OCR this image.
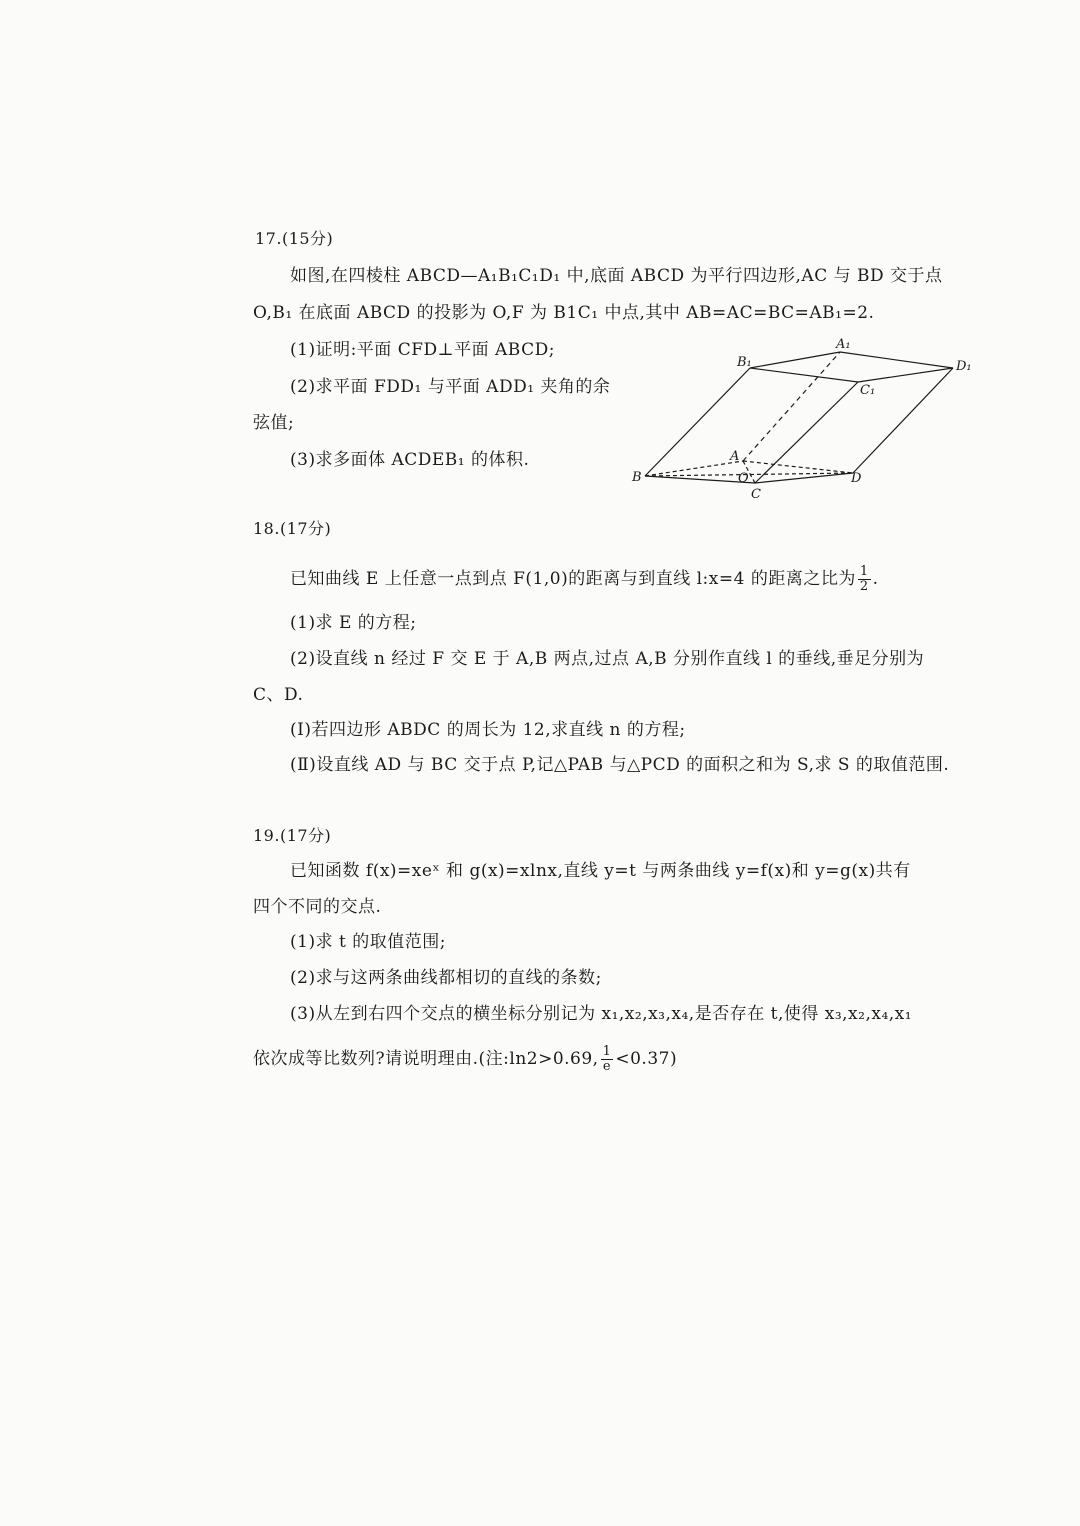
17.(15分)
如图,在四棱柱 ABCD—A₁B₁C₁D₁ 中,底面 ABCD 为平行四边形,AC 与 BD 交于点
O,B₁ 在底面 ABCD 的投影为 O,F 为 B1C₁ 中点,其中 AB=AC=BC=AB₁=2.
(1)证明:平面 CFD⊥平面 ABCD;
(2)求平面 FDD₁ 与平面 ADD₁ 夹角的余
弦值;
(3)求多面体 ACDEB₁ 的体积.
B₁
A₁
D₁
C₁
A
O
B
C
D
18.(17分)
已知曲线 E 上任意一点到点 F(1,0)的距离与到直线 l:x=4 的距离之比为 $\frac{1}{2}$ .
(1)求 E 的方程;
(2)设直线 n 经过 F 交 E 于 A,B 两点,过点 A,B 分别作直线 l 的垂线,垂足分别为
C、D.
(Ⅰ)若四边形 ABDC 的周长为 12,求直线 n 的方程;
(Ⅱ)设直线 AD 与 BC 交于点 P,记△PAB 与△PCD 的面积之和为 S,求 S 的取值范围.
19.(17分)
已知函数 f(x)=xeˣ 和 g(x)=xlnx,直线 y=t 与两条曲线 y=f(x)和 y=g(x)共有
四个不同的交点.
(1)求 t 的取值范围;
(2)求与这两条曲线都相切的直线的条数;
(3)从左到右四个交点的横坐标分别记为 x₁,x₂,x₃,x₄,是否存在 t,使得 x₃,x₂,x₄,x₁
依次成等比数列?请说明理由.(注:ln2>0.69, $\frac{1}{e} <0.37$)
